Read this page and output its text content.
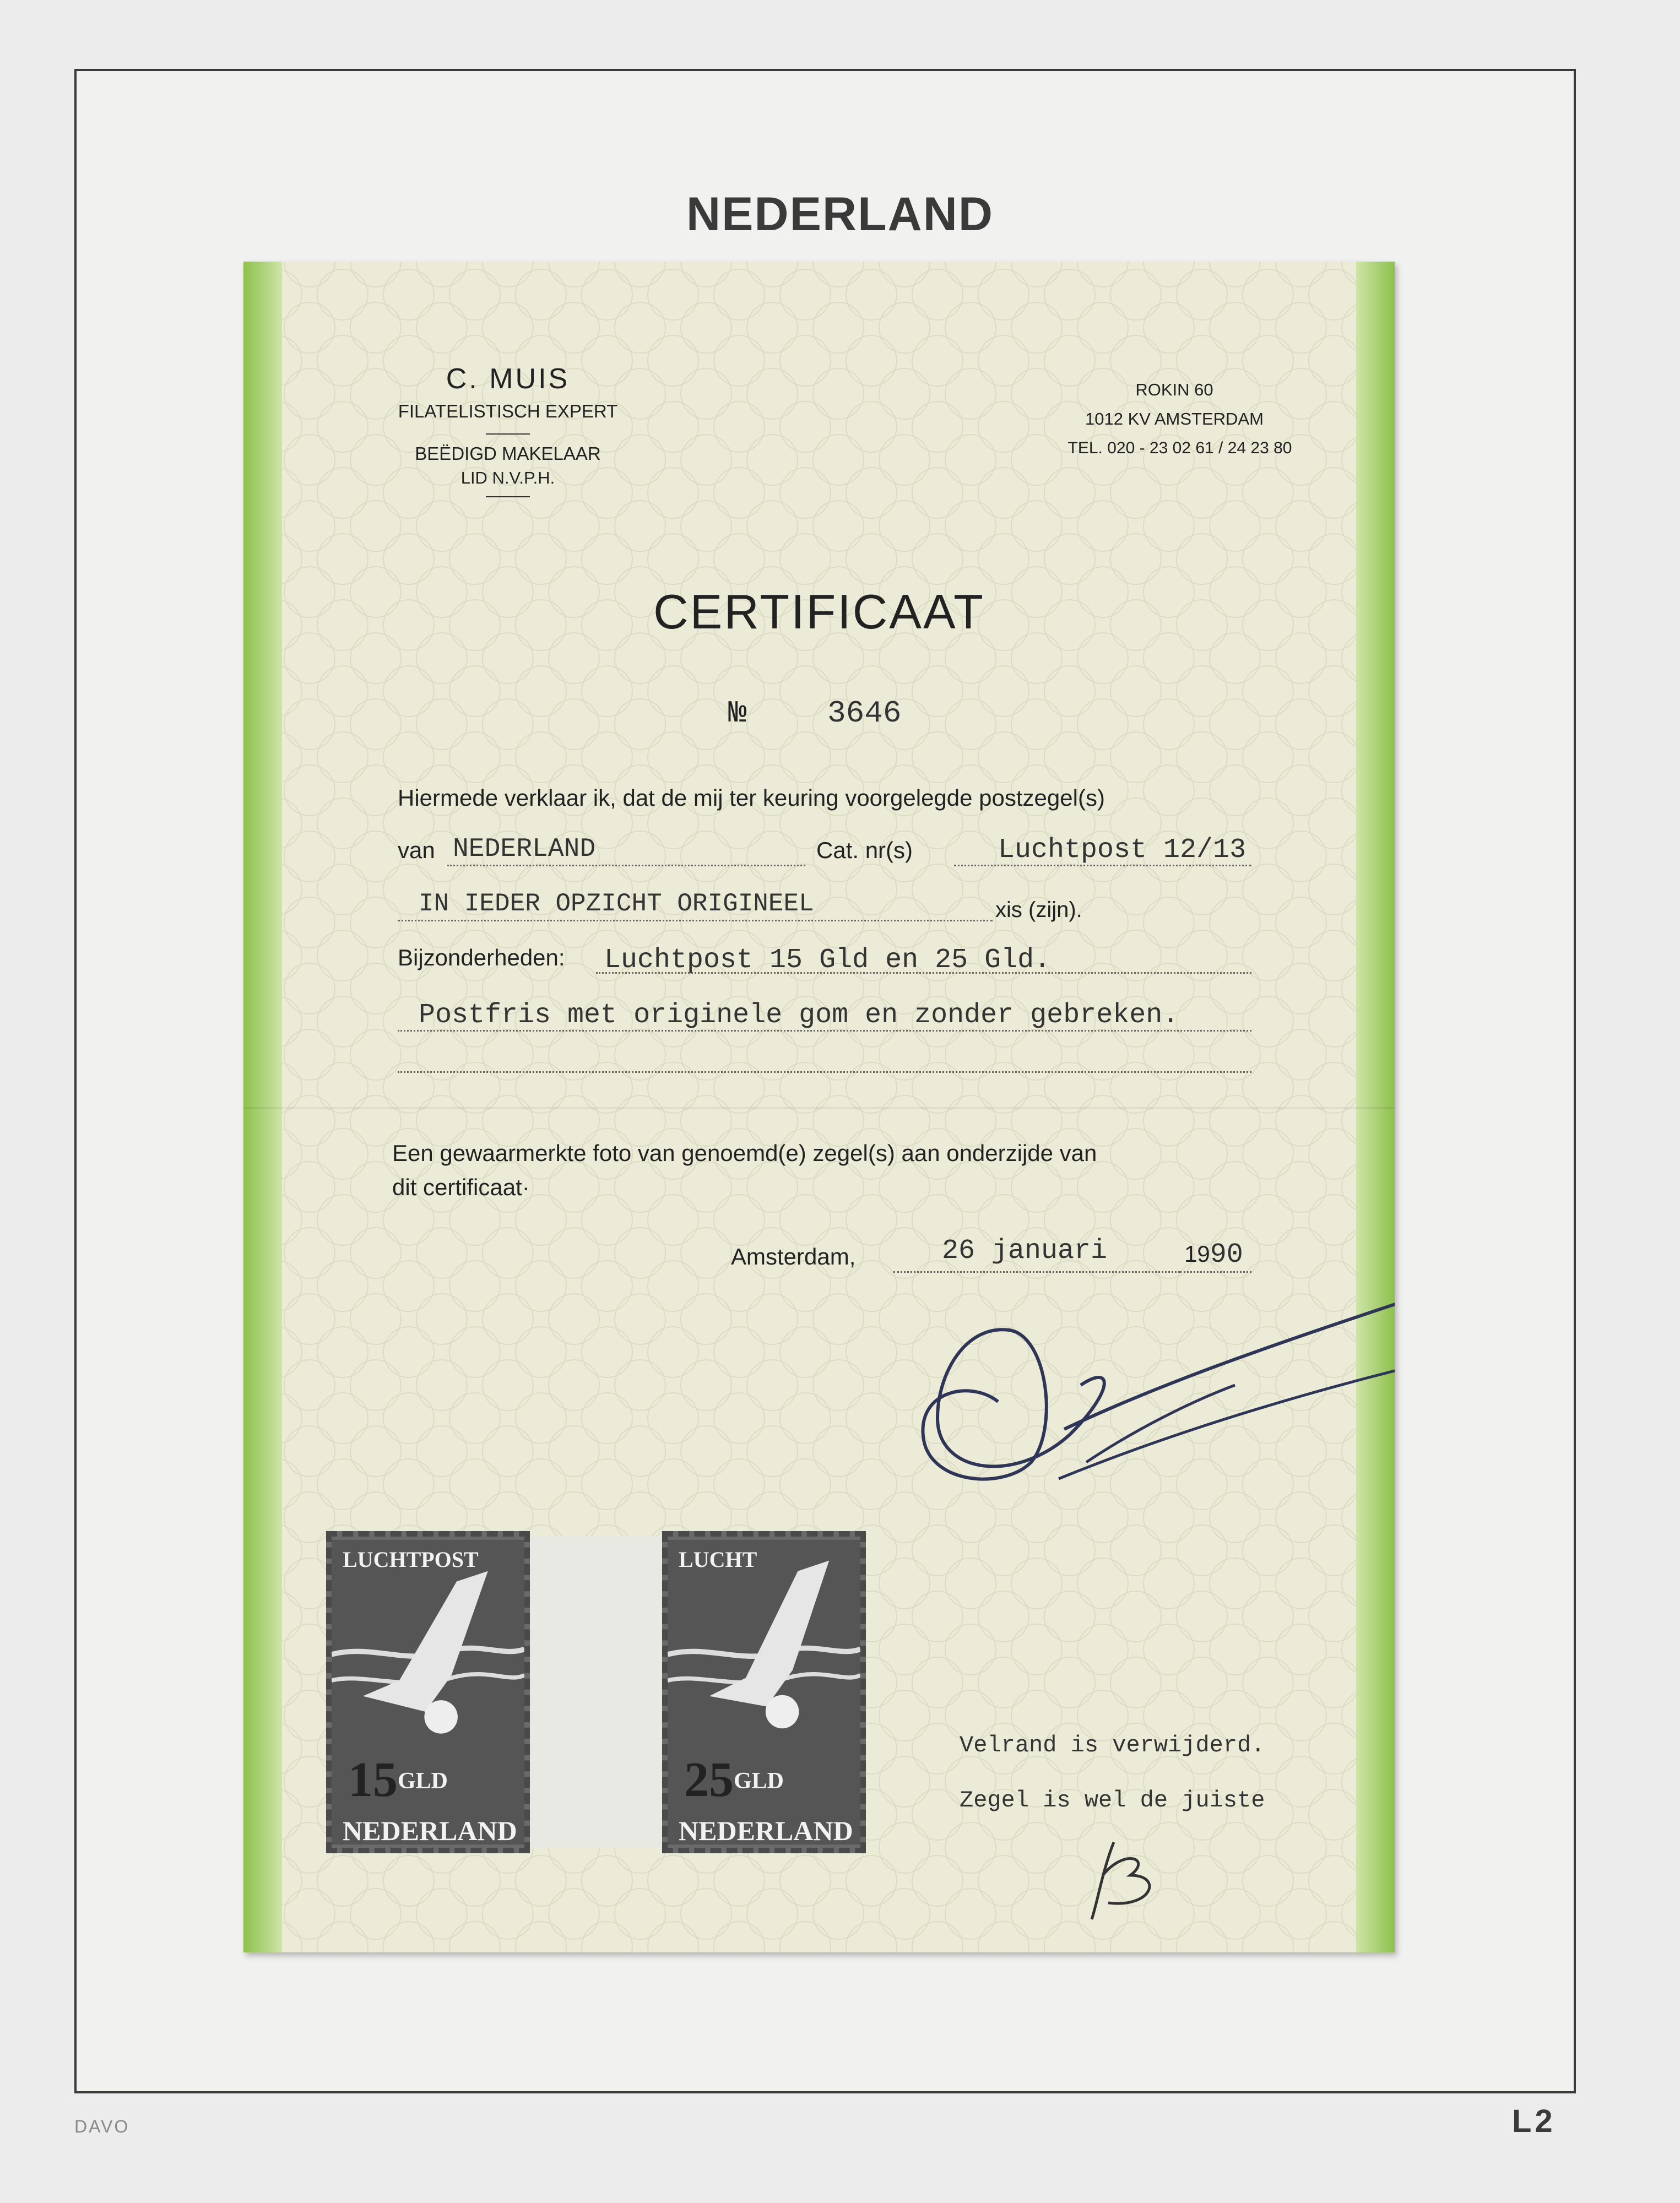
NEDERLAND
C. MUIS
FILATELISTISCH EXPERT
BEËDIGD MAKELAAR
LID N.V.P.H.
ROKIN 60
1012 KV AMSTERDAM
TEL. 020 - 23 02 61 / 24 23 80
CERTIFICAAT
№	3646
Hiermede verklaar ik, dat de mij ter keuring voorgelegde postzegel(s)
van NEDERLAND	Cat. nr(s)	Luchtpost 12/13
IN IEDER OPZICHT ORIGINEEL	xis (zijn).
Bijzonderheden: Luchtpost 15 Gld en 25 Gld.
Postfris met originele gom en zonder gebreken.
Een gewaarmerkte foto van genoemd(e) zegel(s) aan onderzijde van
dit certificaat·
Amsterdam,	26 januari	1990
LUCHTPOST
15 GLD
NEDERLAND
LUCHT
25 GLD
NEDERLAND
Velrand is verwijderd.
Zegel is wel de juiste
DAVO	L2
